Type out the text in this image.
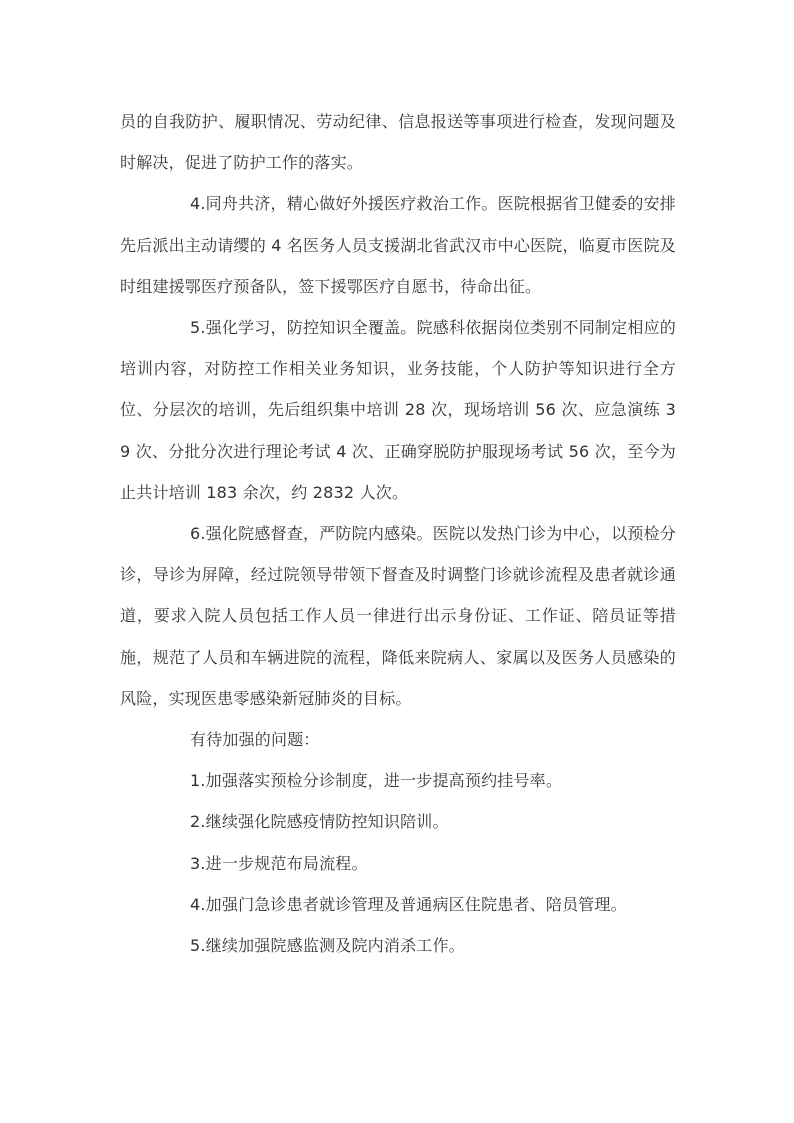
员的自我防护、履职情况、劳动纪律、信息报送等事项进行检查，发现问题及时解决，促进了防护工作的落实。

4.同舟共济，精心做好外援医疗救治工作。医院根据省卫健委的安排先后派出主动请缨的 4 名医务人员支援湖北省武汉市中心医院，临夏市医院及时组建援鄂医疗预备队，签下援鄂医疗自愿书，待命出征。

5.强化学习，防控知识全覆盖。院感科依据岗位类别不同制定相应的培训内容，对防控工作相关业务知识，业务技能，个人防护等知识进行全方位、分层次的培训，先后组织集中培训 28 次，现场培训 56 次、应急演练 39 次、分批分次进行理论考试 4 次、正确穿脱防护服现场考试 56 次，至今为止共计培训 183 余次，约 2832 人次。

6.强化院感督查，严防院内感染。医院以发热门诊为中心，以预检分诊，导诊为屏障，经过院领导带领下督查及时调整门诊就诊流程及患者就诊通道，要求入院人员包括工作人员一律进行出示身份证、工作证、陪员证等措施，规范了人员和车辆进院的流程，降低来院病人、家属以及医务人员感染的风险，实现医患零感染新冠肺炎的目标。

有待加强的问题：

1.加强落实预检分诊制度，进一步提高预约挂号率。

2.继续强化院感疫情防控知识陪训。

3.进一步规范布局流程。

4.加强门急诊患者就诊管理及普通病区住院患者、陪员管理。

5.继续加强院感监测及院内消杀工作。
